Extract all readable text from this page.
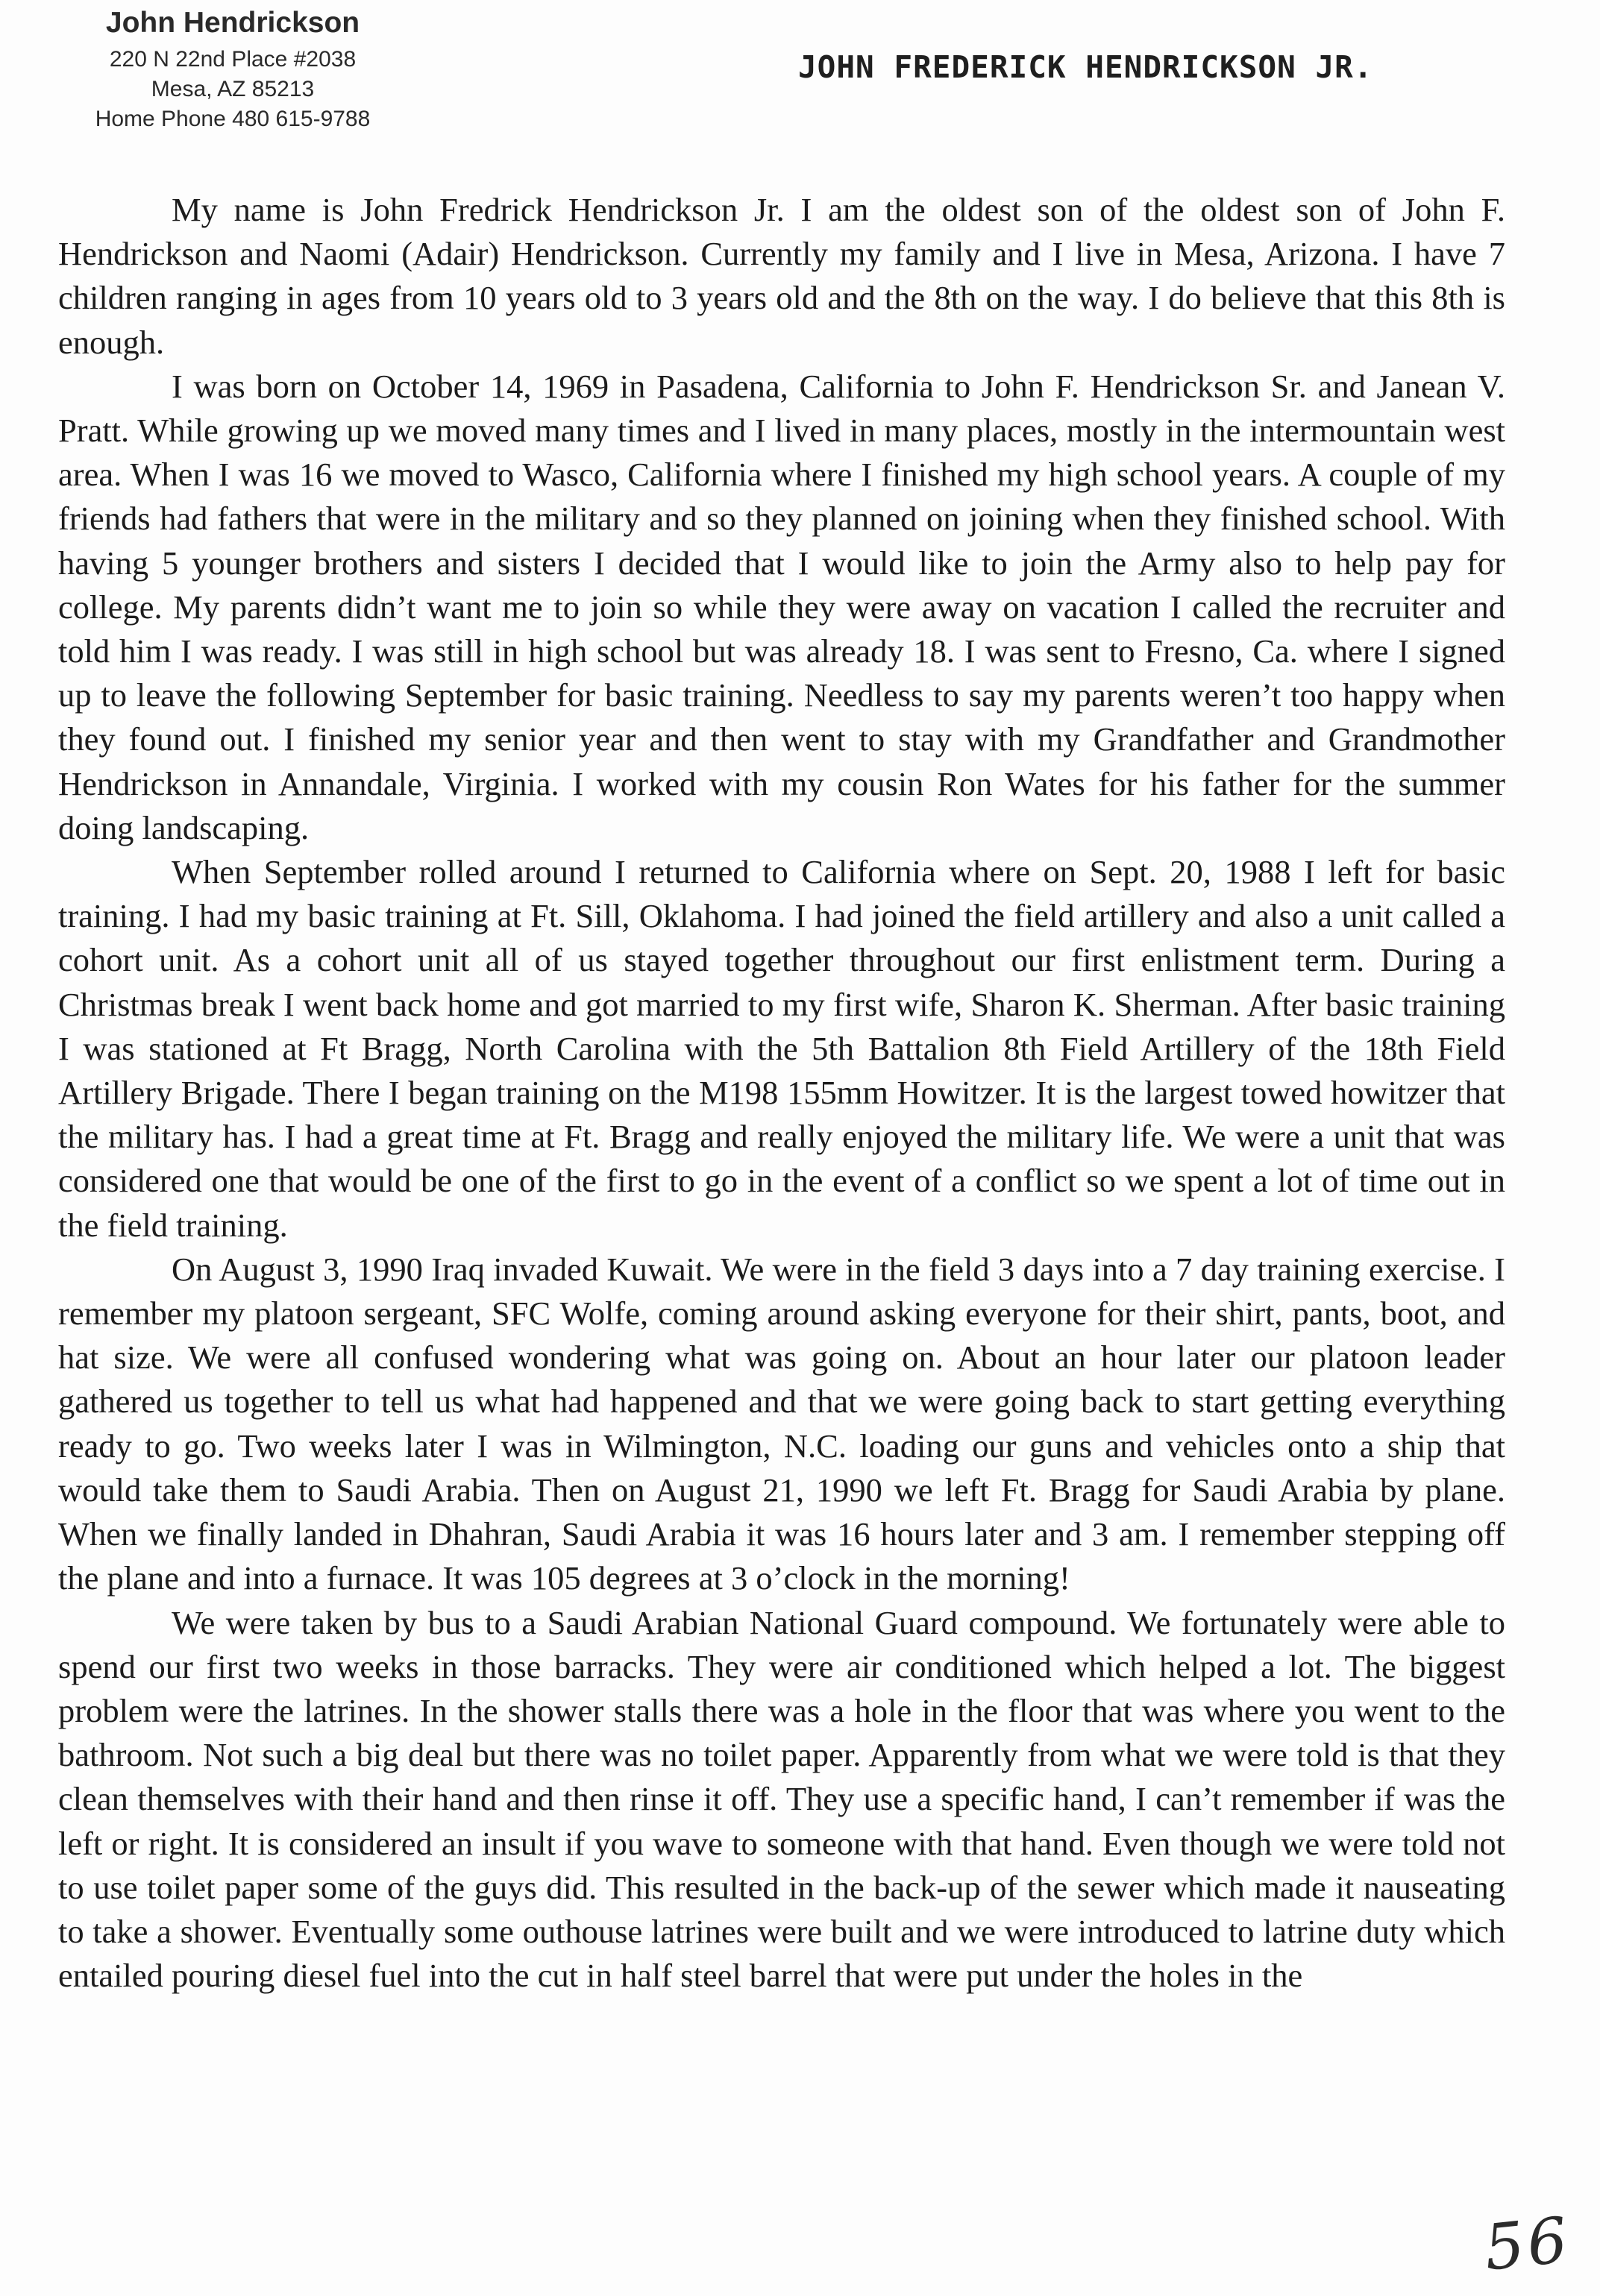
John Hendrickson
220 N 22nd Place #2038
Mesa, AZ 85213
Home Phone 480 615-9788
JOHN FREDERICK HENDRICKSON JR.

My name is John Fredrick Hendrickson Jr. I am the oldest son of the oldest son of John F. Hendrickson and Naomi (Adair) Hendrickson. Currently my family and I live in Mesa, Arizona. I have 7 children ranging in ages from 10 years old to 3 years old and the 8th on the way. I do believe that this 8th is enough.

I was born on October 14, 1969 in Pasadena, California to John F. Hendrickson Sr. and Janean V. Pratt. While growing up we moved many times and I lived in many places, mostly in the intermountain west area. When I was 16 we moved to Wasco, California where I finished my high school years. A couple of my friends had fathers that were in the military and so they planned on joining when they finished school. With having 5 younger brothers and sisters I decided that I would like to join the Army also to help pay for college. My parents didn’t want me to join so while they were away on vacation I called the recruiter and told him I was ready. I was still in high school but was already 18. I was sent to Fresno, Ca. where I signed up to leave the following September for basic training. Needless to say my parents weren’t too happy when they found out. I finished my senior year and then went to stay with my Grandfather and Grandmother Hendrickson in Annandale, Virginia. I worked with my cousin Ron Wates for his father for the summer doing landscaping.

When September rolled around I returned to California where on Sept. 20, 1988 I left for basic training. I had my basic training at Ft. Sill, Oklahoma. I had joined the field artillery and also a unit called a cohort unit. As a cohort unit all of us stayed together throughout our first enlistment term. During a Christmas break I went back home and got married to my first wife, Sharon K. Sherman. After basic training I was stationed at Ft Bragg, North Carolina with the 5th Battalion 8th Field Artillery of the 18th Field Artillery Brigade. There I began training on the M198 155mm Howitzer. It is the largest towed howitzer that the military has. I had a great time at Ft. Bragg and really enjoyed the military life. We were a unit that was considered one that would be one of the first to go in the event of a conflict so we spent a lot of time out in the field training.

On August 3, 1990 Iraq invaded Kuwait. We were in the field 3 days into a 7 day training exercise. I remember my platoon sergeant, SFC Wolfe, coming around asking everyone for their shirt, pants, boot, and hat size. We were all confused wondering what was going on. About an hour later our platoon leader gathered us together to tell us what had happened and that we were going back to start getting everything ready to go. Two weeks later I was in Wilmington, N.C. loading our guns and vehicles onto a ship that would take them to Saudi Arabia. Then on August 21, 1990 we left Ft. Bragg for Saudi Arabia by plane. When we finally landed in Dhahran, Saudi Arabia it was 16 hours later and 3 am. I remember stepping off the plane and into a furnace. It was 105 degrees at 3 o’clock in the morning!

We were taken by bus to a Saudi Arabian National Guard compound. We fortunately were able to spend our first two weeks in those barracks. They were air conditioned which helped a lot. The biggest problem were the latrines. In the shower stalls there was a hole in the floor that was where you went to the bathroom. Not such a big deal but there was no toilet paper. Apparently from what we were told is that they clean themselves with their hand and then rinse it off. They use a specific hand, I can’t remember if was the left or right. It is considered an insult if you wave to someone with that hand. Even though we were told not to use toilet paper some of the guys did. This resulted in the back-up of the sewer which made it nauseating to take a shower. Eventually some outhouse latrines were built and we were introduced to latrine duty which entailed pouring diesel fuel into the cut in half steel barrel that were put under the holes in the

56
